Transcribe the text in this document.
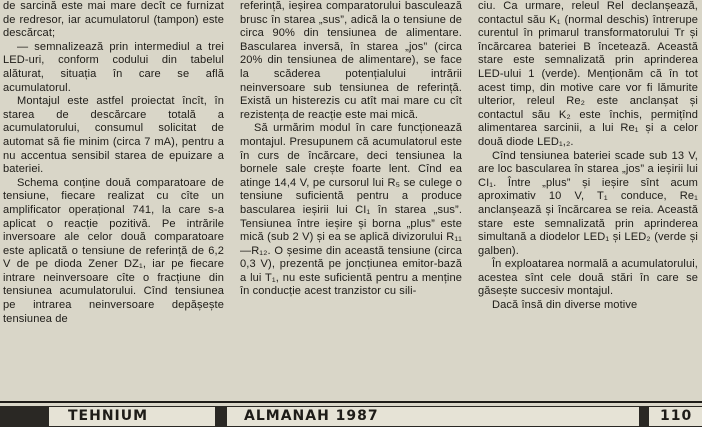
de sarcină este mai mare decît ce furnizat de redresor, iar acumulatorul (tampon) este descărcat;

— semnalizează prin intermediul a trei LED-uri, conform codului din tabelul alăturat, situația în care se află acumulatorul.

Montajul este astfel proiectat încît, în starea de descărcare totală a acumulatorului, consumul solicitat de automat să fie minim (circa 7 mA), pentru a nu accentua sensibil starea de epuizare a bateriei.

Schema conține două comparatoare de tensiune, fiecare realizat cu cîte un amplificator operațional 741, la care s-a aplicat o reacție pozitivă. Pe intrările inversoare ale celor două comparatoare este aplicată o tensiune de referință de 6,2 V de pe dioda Zener DZ₁, iar pe fiecare intrare neinversoare cîte o fracțiune din tensiunea acumulatorului. Cînd tensiunea pe intrarea neinversoare depășește tensiunea de

referință, ieșirea comparatorului basculează brusc în starea „sus”, adică la o tensiune de circa 90% din tensiunea de alimentare. Bascularea inversă, în starea „jos” (circa 20% din tensiunea de alimentare), se face la scăderea potențialului intrării neinversoare sub tensiunea de referință. Există un histerezis cu atît mai mare cu cît rezistența de reacție este mai mică.

Să urmărim modul în care funcționează montajul. Presupunem că acumulatorul este în curs de încărcare, deci tensiunea la bornele sale crește foarte lent. Cînd ea atinge 14,4 V, pe cursorul lui R₅ se culege o tensiune suficientă pentru a produce bascularea ieșirii lui CI₁ în starea „sus”. Tensiunea între ieșire și borna „plus” este mică (sub 2 V) și ea se aplică divizorului R₁₁—R₁₂. O șesime din această tensiune (circa 0,3 V), prezentă pe joncțiunea emitor-bază a lui T₁, nu este suficientă pentru a menține în conducție acest tranzistor cu sili-

ciu. Ca urmare, releul Rel declanșează, contactul său K₁ (normal deschis) întrerupe curentul în primarul transformatorului Tr și încărcarea bateriei B încetează. Această stare este semnalizată prin aprinderea LED-ului 1 (verde). Menționăm că în tot acest timp, din motive care vor fi lămurite ulterior, releul Re₂ este anclanșat și contactul său K₂ este închis, permițînd alimentarea sarcinii, a lui Re₁ și a celor două diode LED₁,₂.

Cînd tensiunea bateriei scade sub 13 V, are loc bascularea în starea „jos” a ieșirii lui CI₁. Între „plus” și ieșire sînt acum aproximativ 10 V, T₁ conduce, Re₁ anclanșează și încărcarea se reia. Această stare este semnalizată prin aprinderea simultană a diodelor LED₁ și LED₂ (verde și galben).

În exploatarea normală a acumulatorului, acestea sînt cele două stări în care se găsește succesiv montajul.

Dacă însă din diverse motive

TEHNIUM	ALMANAH 1987	110
